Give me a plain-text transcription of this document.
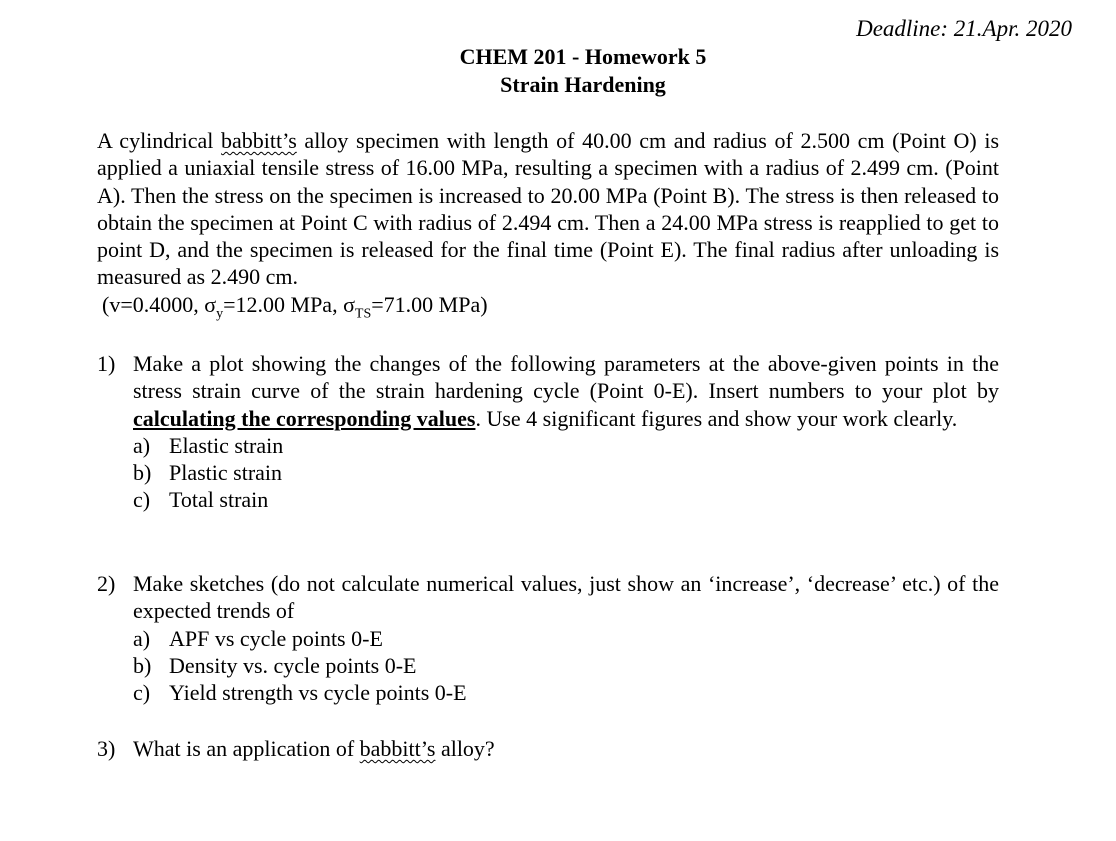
Deadline: 21.Apr. 2020
CHEM 201 - Homework 5
Strain Hardening
A cylindrical babbitt’s alloy specimen with length of 40.00 cm and radius of 2.500 cm (Point O) is applied a uniaxial tensile stress of 16.00 MPa, resulting a specimen with a radius of 2.499 cm. (Point A). Then the stress on the specimen is increased to 20.00 MPa (Point B). The stress is then released to obtain the specimen at Point C with radius of 2.494 cm. Then a 24.00 MPa stress is reapplied to get to point D, and the specimen is released for the final time (Point E). The final radius after unloading is measured as 2.490 cm.
(v=0.4000, $\sigma_y=12.00$ MPa, $\sigma_{TS}=71.00$ MPa)
1) Make a plot showing the changes of the following parameters at the above-given points in the stress strain curve of the strain hardening cycle (Point 0-E). Insert numbers to your plot by calculating the corresponding values. Use 4 significant figures and show your work clearly.
a) Elastic strain
b) Plastic strain
c) Total strain
2) Make sketches (do not calculate numerical values, just show an ‘increase’, ‘decrease’ etc.) of the expected trends of
a) APF vs cycle points 0-E
b) Density vs. cycle points 0-E
c) Yield strength vs cycle points 0-E
3) What is an application of babbitt’s alloy?
